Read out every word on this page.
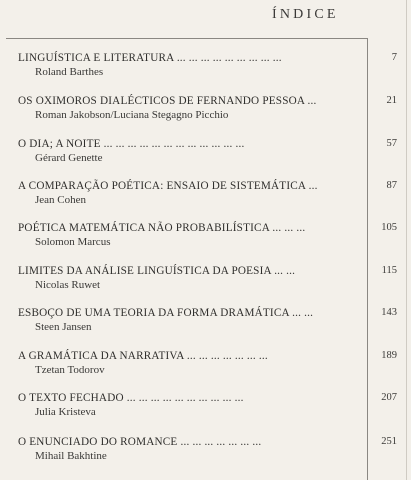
ÍNDICE
LINGUÍSTICA E LITERATURA ... ... ... ... ... ... ... ... ...
Roland Barthes
7
OS OXIMOROS DIALÉCTICOS DE FERNANDO PESSOA ...
Roman Jakobson/Luciana Stegagno Picchio
21
O DIA; A NOITE ... ... ... ... ... ... ... ... ... ... ... ...
Gérard Genette
57
A COMPARAÇÃO POÉTICA: ENSAIO DE SISTEMÁTICA ...
Jean Cohen
87
POÉTICA MATEMÁTICA NÃO PROBABILÍSTICA ... ... ...
Solomon Marcus
105
LIMITES DA ANÁLISE LINGUÍSTICA DA POESIA ... ...
Nicolas Ruwet
115
ESBOÇO DE UMA TEORIA DA FORMA DRAMÁTICA ... ...
Steen Jansen
143
A GRAMÁTICA DA NARRATIVA ... ... ... ... ... ... ...
Tzetan Todorov
189
O TEXTO FECHADO ... ... ... ... ... ... ... ... ... ...
Julia Kristeva
207
O ENUNCIADO DO ROMANCE ... ... ... ... ... ... ...
Mihail Bakhtine
251
